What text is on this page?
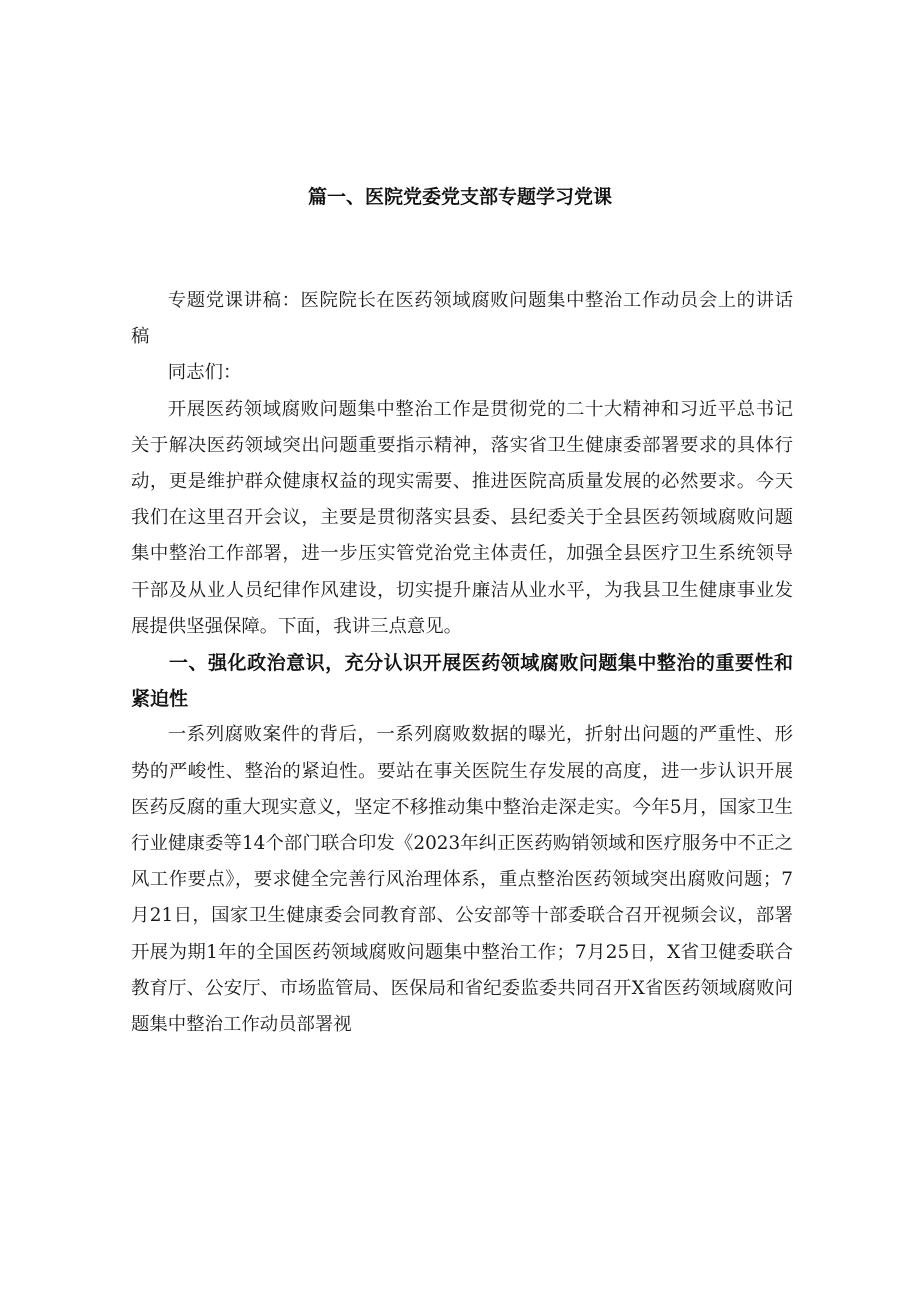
篇一、医院党委党支部专题学习党课

专题党课讲稿：医院院长在医药领域腐败问题集中整治工作动员会上的讲话稿

同志们：

开展医药领域腐败问题集中整治工作是贯彻党的二十大精神和习近平总书记关于解决医药领域突出问题重要指示精神，落实省卫生健康委部署要求的具体行动，更是维护群众健康权益的现实需要、推进医院高质量发展的必然要求。今天我们在这里召开会议，主要是贯彻落实县委、县纪委关于全县医药领域腐败问题集中整治工作部署，进一步压实管党治党主体责任，加强全县医疗卫生系统领导干部及从业人员纪律作风建设，切实提升廉洁从业水平，为我县卫生健康事业发展提供坚强保障。下面，我讲三点意见。

一、强化政治意识，充分认识开展医药领域腐败问题集中整治的重要性和紧迫性

一系列腐败案件的背后，一系列腐败数据的曝光，折射出问题的严重性、形势的严峻性、整治的紧迫性。要站在事关医院生存发展的高度，进一步认识开展医药反腐的重大现实意义，坚定不移推动集中整治走深走实。今年5月，国家卫生行业健康委等14个部门联合印发《2023年纠正医药购销领域和医疗服务中不正之风工作要点》，要求健全完善行风治理体系，重点整治医药领域突出腐败问题；7月21日，国家卫生健康委会同教育部、公安部等十部委联合召开视频会议，部署开展为期1年的全国医药领域腐败问题集中整治工作；7月25日，X省卫健委联合教育厅、公安厅、市场监管局、医保局和省纪委监委共同召开X省医药领域腐败问题集中整治工作动员部署视
